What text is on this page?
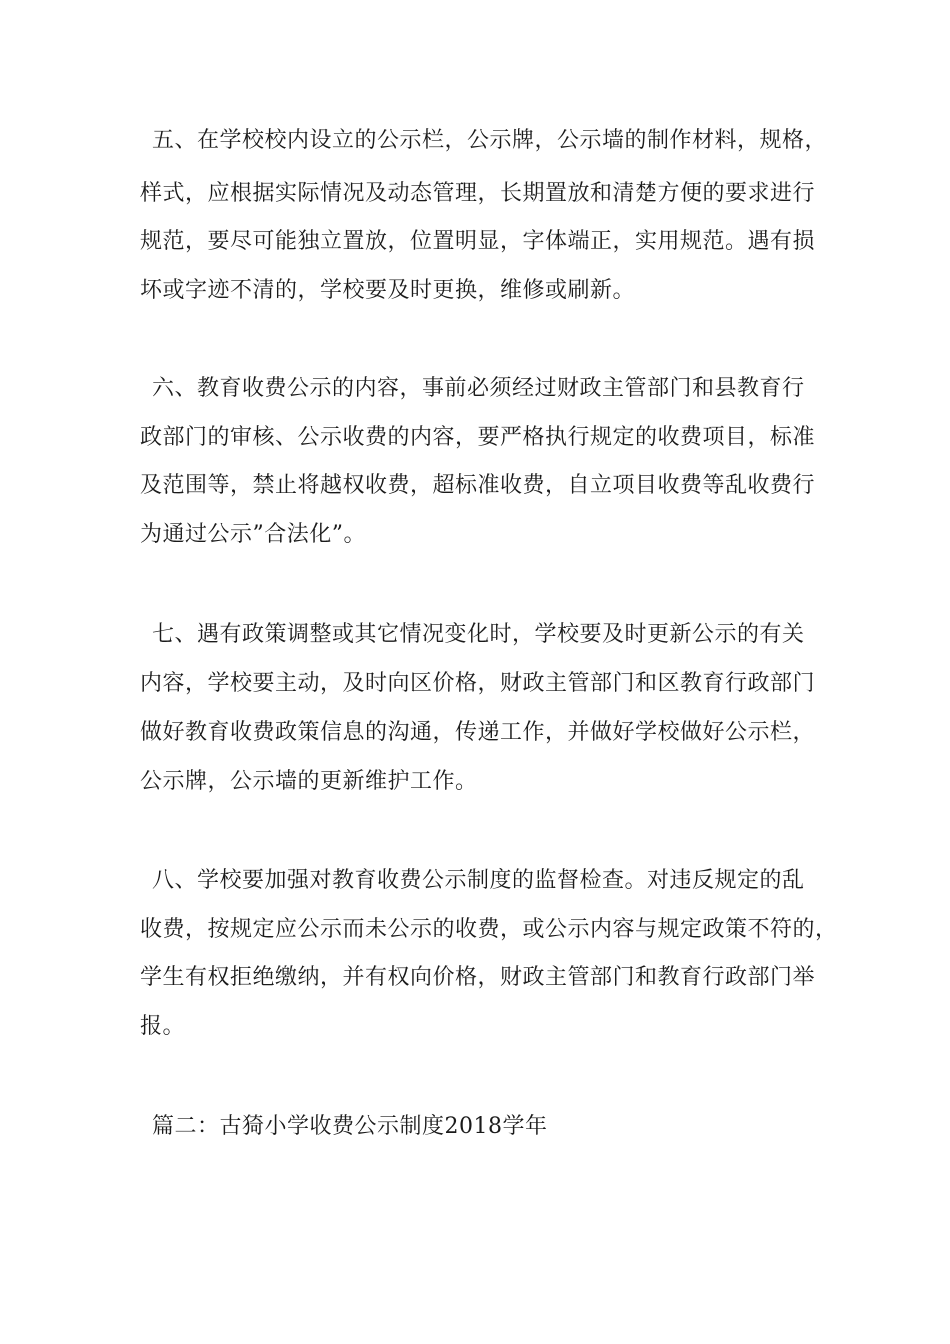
五、在学校校内设立的公示栏，公示牌，公示墙的制作材料，规格，
样式，应根据实际情况及动态管理，长期置放和清楚方便的要求进行
规范，要尽可能独立置放，位置明显，字体端正，实用规范。遇有损
坏或字迹不清的，学校要及时更换，维修或刷新。
六、教育收费公示的内容，事前必须经过财政主管部门和县教育行
政部门的审核、公示收费的内容，要严格执行规定的收费项目，标准
及范围等，禁止将越权收费，超标准收费，自立项目收费等乱收费行
为通过公示”合法化”。
七、遇有政策调整或其它情况变化时，学校要及时更新公示的有关
内容，学校要主动，及时向区价格，财政主管部门和区教育行政部门
做好教育收费政策信息的沟通，传递工作，并做好学校做好公示栏，
公示牌，公示墙的更新维护工作。
八、学校要加强对教育收费公示制度的监督检查。对违反规定的乱
收费，按规定应公示而未公示的收费，或公示内容与规定政策不符的，
学生有权拒绝缴纳，并有权向价格，财政主管部门和教育行政部门举
报。
篇二：古猗小学收费公示制度2018学年
